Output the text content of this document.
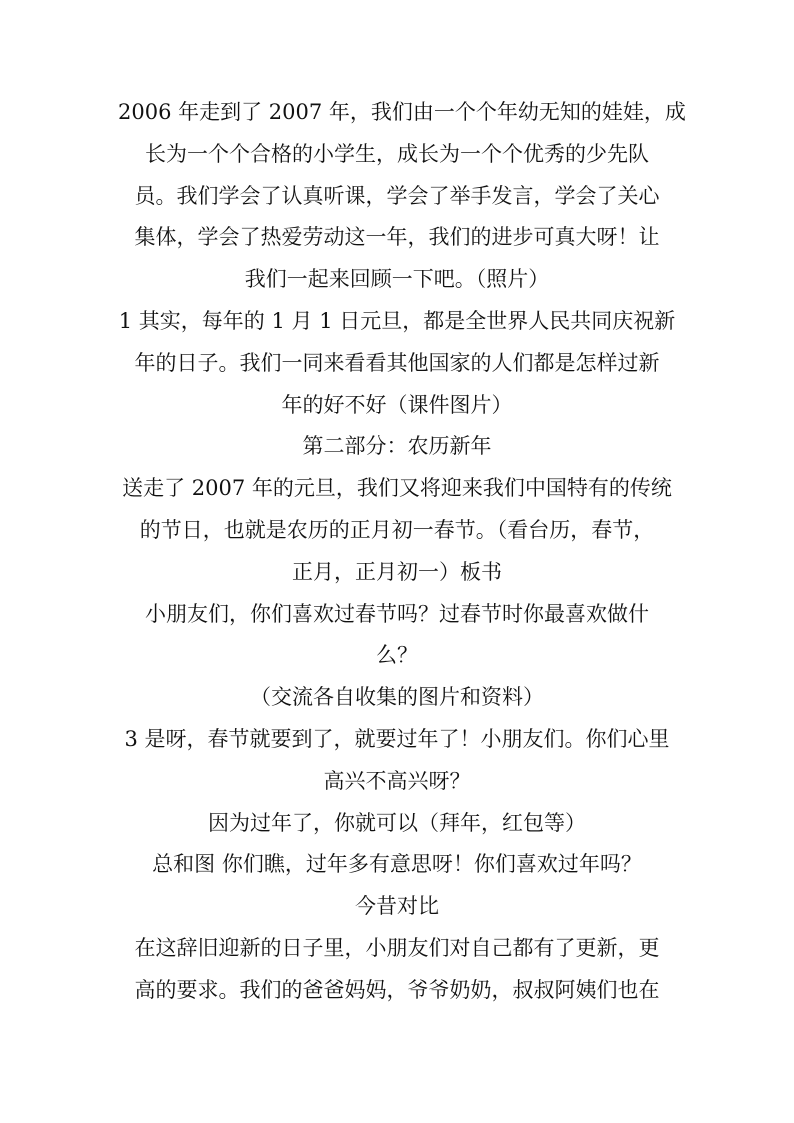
2006 年走到了 2007 年，我们由一个个年幼无知的娃娃，成
长为一个个合格的小学生，成长为一个个优秀的少先队
员。我们学会了认真听课，学会了举手发言，学会了关心
集体，学会了热爱劳动这一年，我们的进步可真大呀！让
我们一起来回顾一下吧。（照片）
1 其实，每年的 1 月 1 日元旦，都是全世界人民共同庆祝新
年的日子。我们一同来看看其他国家的人们都是怎样过新
年的好不好（课件图片）
第二部分：农历新年
送走了 2007 年的元旦，我们又将迎来我们中国特有的传统
的节日，也就是农历的正月初一春节。（看台历，春节，
正月，正月初一）板书
小朋友们，你们喜欢过春节吗？过春节时你最喜欢做什
么？
（交流各自收集的图片和资料）
3 是呀，春节就要到了，就要过年了！小朋友们。你们心里
高兴不高兴呀？
因为过年了，你就可以（拜年，红包等）
总和图 你们瞧，过年多有意思呀！你们喜欢过年吗？
今昔对比
在这辞旧迎新的日子里，小朋友们对自己都有了更新，更
高的要求。我们的爸爸妈妈，爷爷奶奶，叔叔阿姨们也在
